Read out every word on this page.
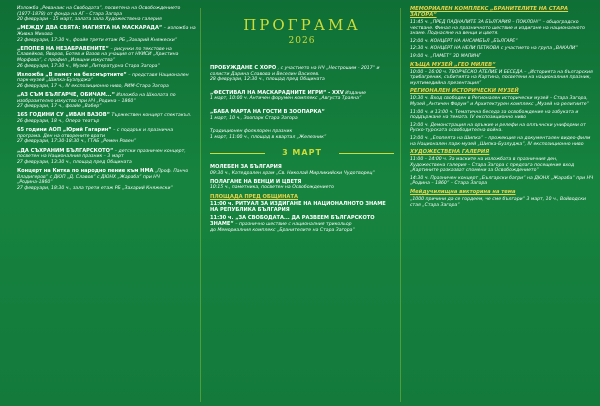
Изложба „Реванаис на Свободата“, посветена на Освобождението (1877-1878) от фонда на АГ – Стара Загора
20 февруари - 15 март, залата зала Художествена галерия
„МЕЖДУ ДВА СВЯТА: МАГИЯТА НА МАСКАРАДА“ – изложба на Живка Михова
23 февруари, 17:30 ч., фоайе трети етаж РБ „Захарий Княжески“
„ЕПОПЕЯ НА НЕЗАБРАВЕНИТЕ“ – рисунки по текстове на Славейков, Яворов, Ботев и Вазов на учащия от НУИСИ „Христина Морфова“, с профил „Изящни изкуства“
26 февруари, 17:30 ч., Музей „Литературна Стара Загора“
Изложба „В памет на безсмъртните“ – представя Национален парк-музей „Шипка-Бузлуджа“
26 февруари, 17 ч., IV експозиционно ниво, РИМ-Стара Загора
„АЗ СЪМ БЪЛГАРЧЕ, ОБИЧАМ...“ Изложба на Школата по изобразително изкуство при НЧ „Родина – 1860“
27 февруари, 17 ч., фоайе „Вабер“
165 ГОДИНИ СУ „ИВАН ВАЗОВ“ Тържествен концерт спектакъл.
26 февруари, 18 ч., Опера театър
65 години АОП „Юрий Гагарин“ – с подарък и празнична програма. Ден на отворените врати
27 февруари, 17:30-18:30 ч., ГТАБ „Ремен Ровен“
„ДА СЪХРАНИМ БЪЛГАРСКОТО“ – детски празничен концерт, посветен на Националния празник – 3 март
27 февруари, 13:30 ч., площад пред Общината
Концерт на Китка по народно пение към НМА „Проф. Панчо Владигеров“ с ДЮП „Д. Славов“ с ДЮНХ „Жараба“ при НЧ „Родина-1860“
27 февруари, 18:30 ч., зала трети етаж РБ „Захарий Княжески“
ПРОГРАМА
2026
ПРОБУЖДАНЕ С ХОРО , с участието на НЧ „Нестрошим - 2017“ и солисти Дарина Славова и Веселин Василев.
28 февруари, 12:30 ч., площад пред Общината
„ФЕСТИВАЛ НА МАСКАРАДНИТЕ ИГРИ“ - XXV Издание
1 март, 10:00 ч. Античен форумен комплекс „Августа Траяна“
„БАБА МАРТА НА ГОСТИ В ЗООПАРКА“
1 март, 10 ч., Зоопарк Стара Загора
Традиционен фолклорен празник
1 март, 11:00 ч., площад в квартал „Железник“
3 МАРТ
МОЛЕБЕН ЗА БЪЛГАРИЯ
09:30 ч., Катедрален храм „Св. Николай Мирликийски Чудотворец“
ПОЛАГАНЕ НА ВЕНЦИ И ЦВЕТЯ
10:15 ч., паметника, посветен на Освобождението
ПЛОЩАДА ПРЕД ОБЩИНАТА
11:00 ч. РИТУАЛ ЗА ИЗДИГАНЕ НА НАЦИОНАЛНОТО ЗНАМЕ НА РЕПУБЛИКА БЪЛГАРИЯ
11:30 ч. „ЗА СВОБОДАТА... ДА РАЗВЕЕМ БЪЛГАРСКОТО ЗНАМЕ“ – празнично шествие с националния трикольор
до Мемориалния комплекс „Бранителите на Стара Загора“
МЕМОРИАЛЕН КОМПЛЕКС „БРАНИТЕЛИТЕ НА СТАРА ЗАГОРА“
11:45 ч. „ПРЕД ПАДНАЛИТЕ ЗА БЪЛГАРИЯ – ПОКЛОН!“ – общоградско честване. Финал на празничното шествие и издигане на националното знаме. Поднасяне на венци и цветя.
12:00 ч. КОНЦЕРТ НА АНСАМБЪЛ „БЪЛГАРЕ“
12:30 ч. КОНЦЕРТ НА НЕЛИ ПЕТКОВА с участието на група „ВАКАЛИ“
19:00 ч. „ПАМЕТ“ 3D МАПИНГ
КЪЩА МУЗЕЙ „ГЕО МИЛЕВ“
10:00 – 16:00 ч. ТВОРЧЕСКО АТЕЛИЕ И БЕСЕДА – „Историята на българския трибагреник, събитията на Картина, посветени на националния празник, мултимедийна презентация“
РЕГИОНАЛЕН ИСТОРИЧЕСКИ МУЗЕЙ
10:30 ч. Вход свободен в Регионален исторически музей – Стара Загора, Музей „Античен Форум“ и Архитектурен комплекс „Музей на религиите“
11:00 ч. и 13:00 ч. Тематична беседа за освобождение на азбуката и поддържане на темата. IV експозиционно ниво
13:00 ч. Демонстрация на оръжие и релефи на оплъчнски униформи от Руско-турската освободителна война.
13:00 ч. „Епопеята на Шипка“ – прожекция на документален видео-филм на Национален парк-музей „Шипка-Бузлуджа“, IV експозиционно ниво
ХУДОЖЕСТВЕНА ГАЛЕРИЯ
11:00 – 14:00 ч. За маските на изложбата в празничния ден, Художествена галерия – Стара Загора с предлага посещение вход „Картините разказват спомени за Освобождението“
14:30 ч. Празничен концерт „Български багри“ на ДЮНХ „Жараба“ при НЧ „Родина – 1860“ – Стара Загора
Мейдучилищна викторина на тема
„1000 причини да се гордеем, че сме българи“ 3 март, 10 ч., Войводски стая „Стара Загора“
